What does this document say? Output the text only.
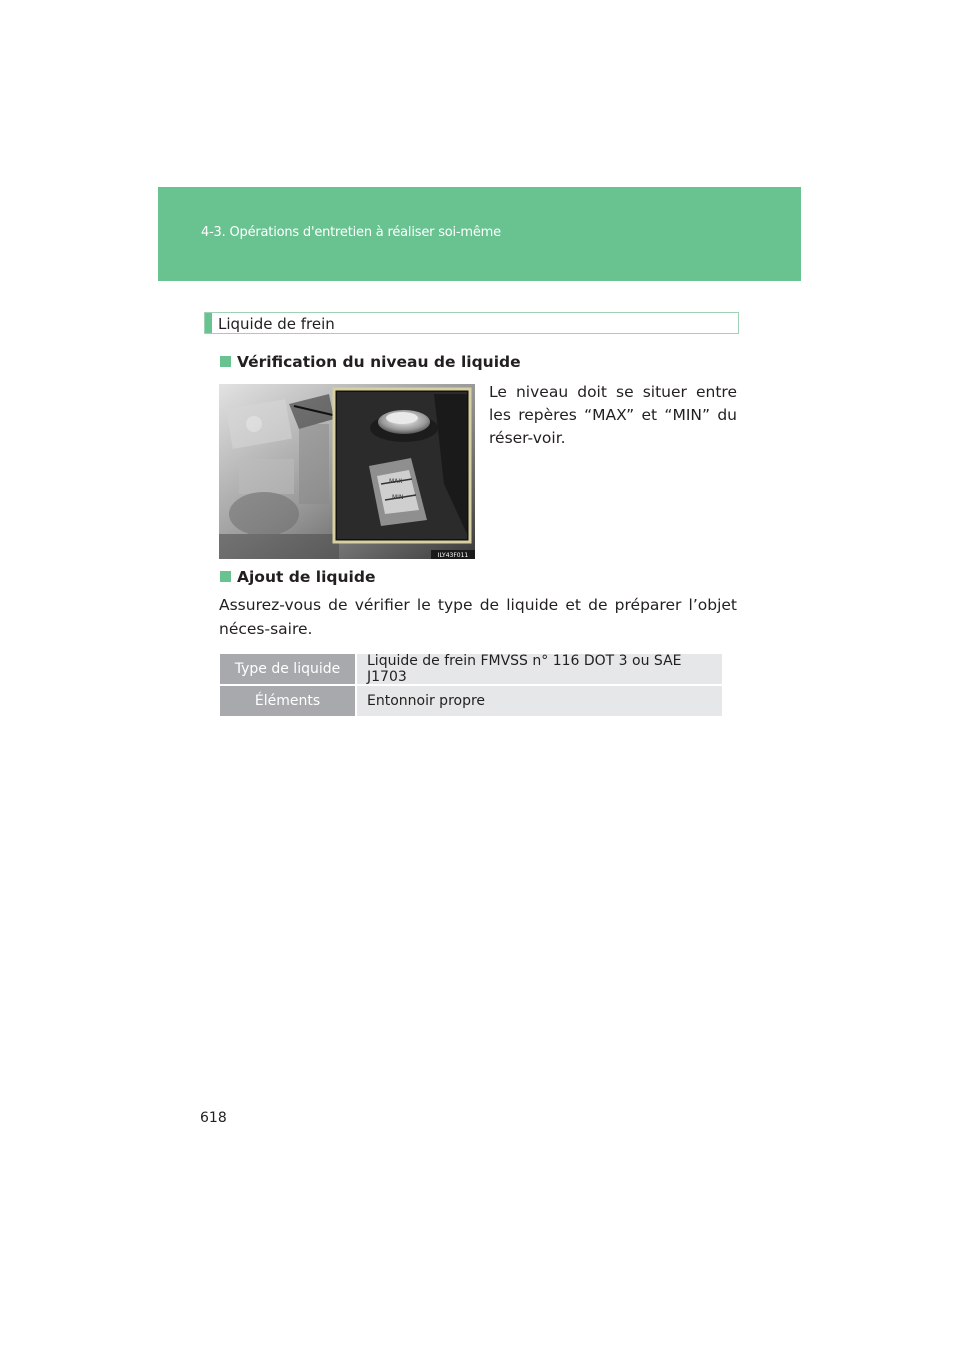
4-3. Opérations d'entretien à réaliser soi-même
Liquide de frein
Vérification du niveau de liquide
MAX
MIN
ILY43F011
Le niveau doit se situer entre les repères “MAX” et “MIN” du réser-voir.
Ajout de liquide
Assurez-vous de vérifier le type de liquide et de préparer l’objet néces-saire.
Type de liquide	Liquide de frein FMVSS n° 116 DOT 3 ou SAE J1703
Éléments	Entonnoir propre
618
